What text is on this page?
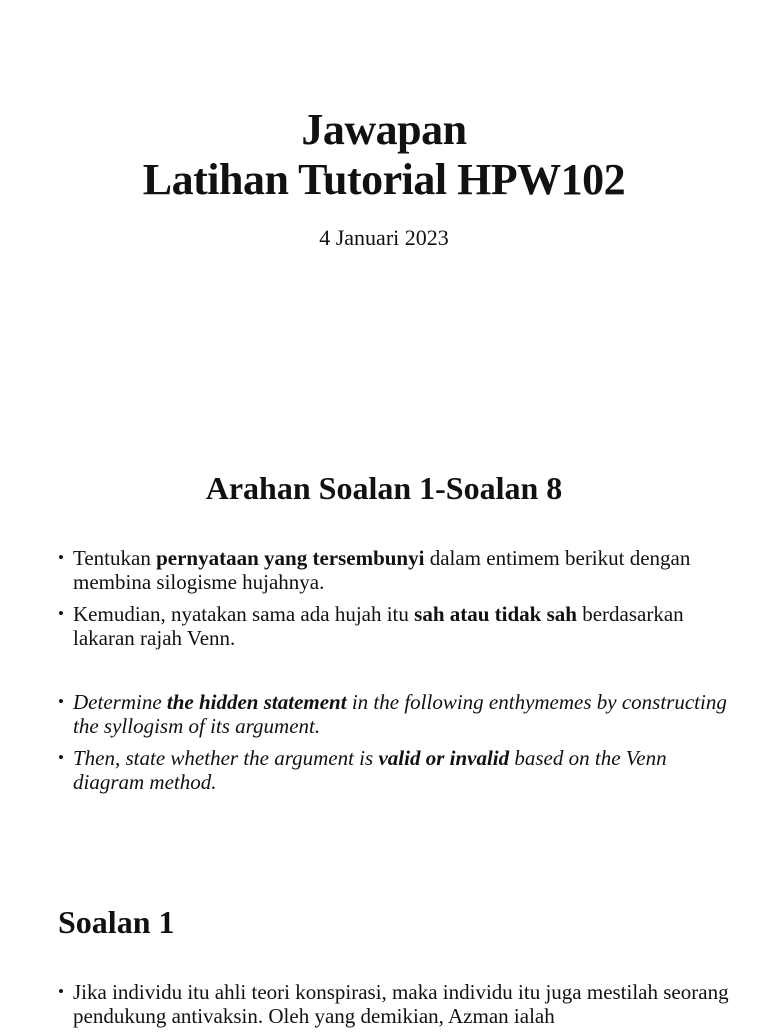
Jawapan
Latihan Tutorial HPW102
4 Januari 2023
Arahan Soalan 1-Soalan 8
• Tentukan pernyataan yang tersembunyi dalam entimem berikut dengan membina silogisme hujahnya.
• Kemudian, nyatakan sama ada hujah itu sah atau tidak sah berdasarkan lakaran rajah Venn.
• Determine the hidden statement in the following enthymemes by constructing the syllogism of its argument.
• Then, state whether the argument is valid or invalid based on the Venn diagram method.
Soalan 1
• Jika individu itu ahli teori konspirasi, maka individu itu juga mestilah seorang pendukung antivaksin. Oleh yang demikian, Azman ialah
